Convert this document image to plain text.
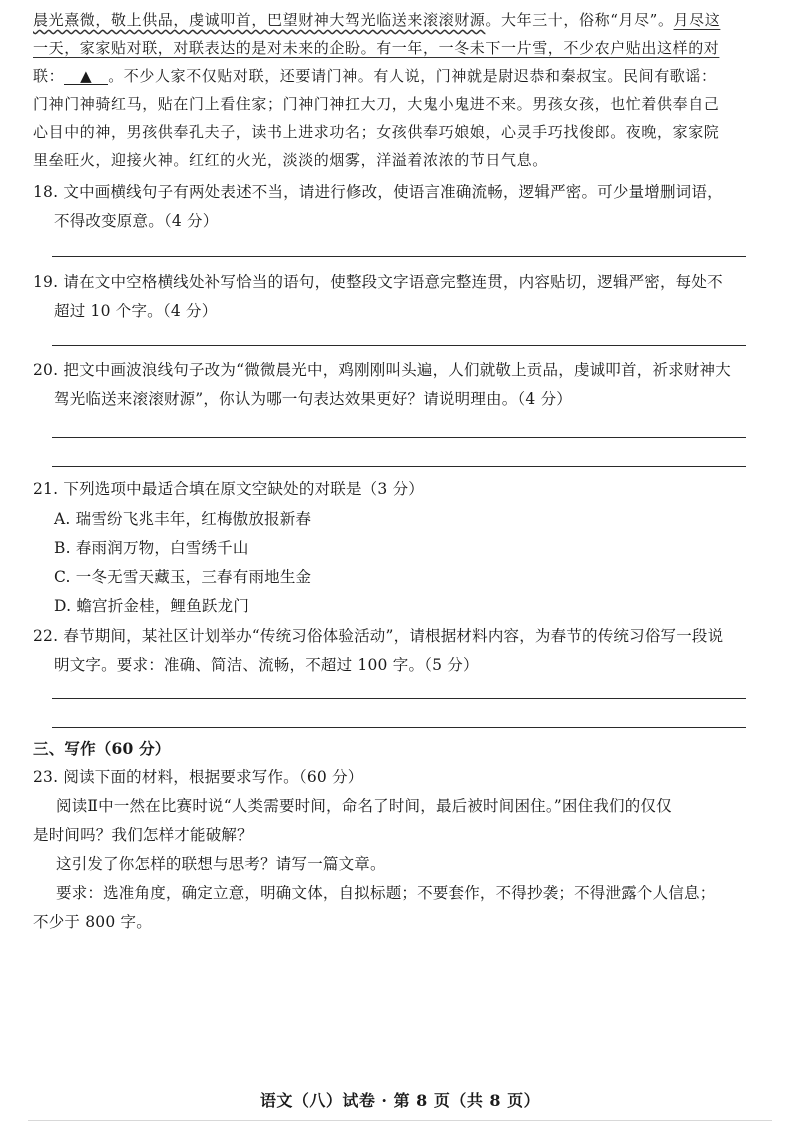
晨光熹微，敬上供品，虔诚叩首，巴望财神大驾光临送来滚滚财源。大年三十，俗称“月尽”。月尽这
一天，家家贴对联，对联表达的是对未来的企盼。有一年，一冬未下一片雪，不少农户贴出这样的对
联： ▲ 。不少人家不仅贴对联，还要请门神。有人说，门神就是尉迟恭和秦叔宝。民间有歌谣：
门神门神骑红马，贴在门上看住家；门神门神扛大刀，大鬼小鬼进不来。男孩女孩，也忙着供奉自己
心目中的神，男孩供奉孔夫子，读书上进求功名；女孩供奉巧娘娘，心灵手巧找俊郎。夜晚，家家院
里垒旺火，迎接火神。红红的火光，淡淡的烟雾，洋溢着浓浓的节日气息。
18. 文中画横线句子有两处表述不当，请进行修改，使语言准确流畅，逻辑严密。可少量增删词语，
不得改变原意。（4 分）
19. 请在文中空格横线处补写恰当的语句，使整段文字语意完整连贯，内容贴切，逻辑严密，每处不
超过 10 个字。（4 分）
20. 把文中画波浪线句子改为“微微晨光中，鸡刚刚叫头遍，人们就敬上贡品，虔诚叩首，祈求财神大
驾光临送来滚滚财源”，你认为哪一句表达效果更好？请说明理由。（4 分）
21. 下列选项中最适合填在原文空缺处的对联是（3 分）
A. 瑞雪纷飞兆丰年，红梅傲放报新春
B. 春雨润万物，白雪绣千山
C. 一冬无雪天藏玉，三春有雨地生金
D. 蟾宫折金桂，鲤鱼跃龙门
22. 春节期间，某社区计划举办“传统习俗体验活动”，请根据材料内容，为春节的传统习俗写一段说
明文字。要求：准确、简洁、流畅，不超过 100 字。（5 分）
三、写作（60 分）
23. 阅读下面的材料，根据要求写作。（60 分）
阅读Ⅱ中一然在比赛时说“人类需要时间，命名了时间，最后被时间困住。”困住我们的仅仅
是时间吗？我们怎样才能破解？
这引发了你怎样的联想与思考？请写一篇文章。
要求：选准角度，确定立意，明确文体，自拟标题；不要套作，不得抄袭；不得泄露个人信息；
不少于 800 字。
语文（八）试卷 · 第 8 页（共 8 页）
